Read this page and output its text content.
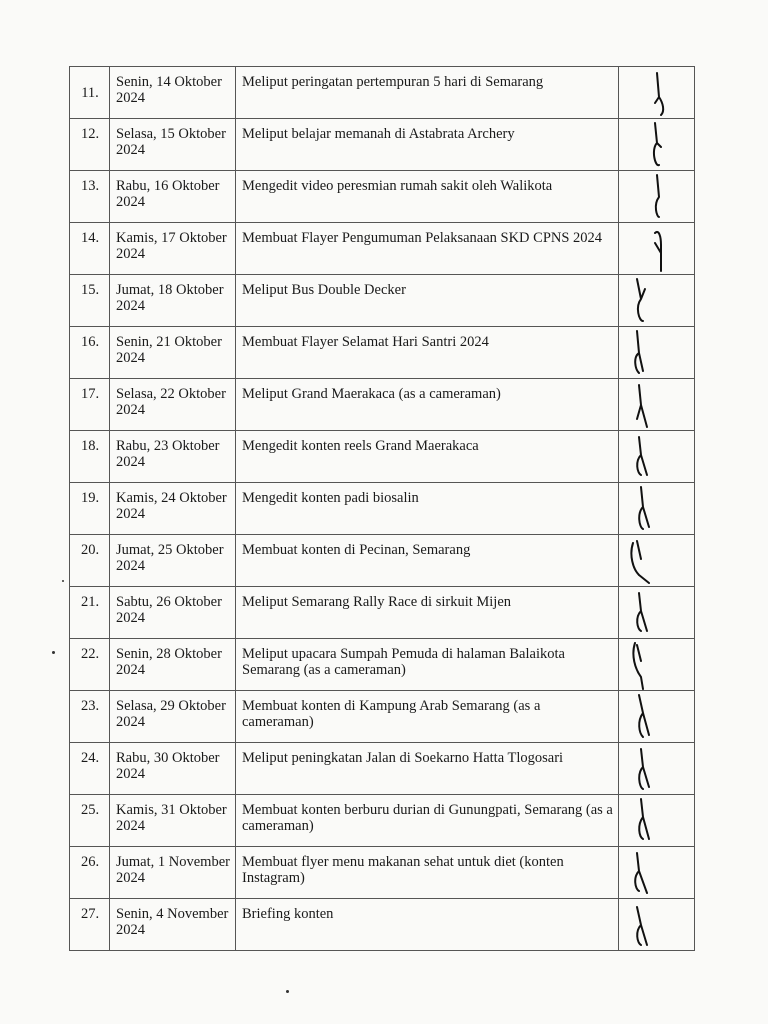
11.	Senin, 14 Oktober 2024	Meliput peringatan pertempuran 5 hari di Semarang	

12.	Selasa, 15 Oktober 2024	Meliput belajar memanah di Astabrata Archery	

13.	Rabu, 16 Oktober 2024	Mengedit video peresmian rumah sakit oleh Walikota	

14.	Kamis, 17 Oktober 2024	Membuat Flayer Pengumuman Pelaksanaan SKD CPNS 2024	

15.	Jumat, 18 Oktober 2024	Meliput Bus Double Decker	

16.	Senin, 21 Oktober 2024	Membuat Flayer Selamat Hari Santri 2024	

17.	Selasa, 22 Oktober 2024	Meliput Grand Maerakaca (as a cameraman)	

18.	Rabu, 23 Oktober 2024	Mengedit konten reels Grand Maerakaca	

19.	Kamis, 24 Oktober 2024	Mengedit konten padi biosalin	

20.	Jumat, 25 Oktober 2024	Membuat konten di Pecinan, Semarang	

21.	Sabtu, 26 Oktober 2024	Meliput Semarang Rally Race di sirkuit Mijen	

22.	Senin, 28 Oktober 2024	Meliput upacara Sumpah Pemuda di halaman Balaikota Semarang (as a cameraman)	

23.	Selasa, 29 Oktober 2024	Membuat konten di Kampung Arab Semarang (as a cameraman)	

24.	Rabu, 30 Oktober 2024	Meliput peningkatan Jalan di Soekarno Hatta Tlogosari	

25.	Kamis, 31 Oktober 2024	Membuat konten berburu durian di Gunungpati, Semarang (as a cameraman)	

26.	Jumat, 1 November 2024	Membuat flyer menu makanan sehat untuk diet (konten Instagram)	

27.	Senin, 4 November 2024	Briefing konten	
